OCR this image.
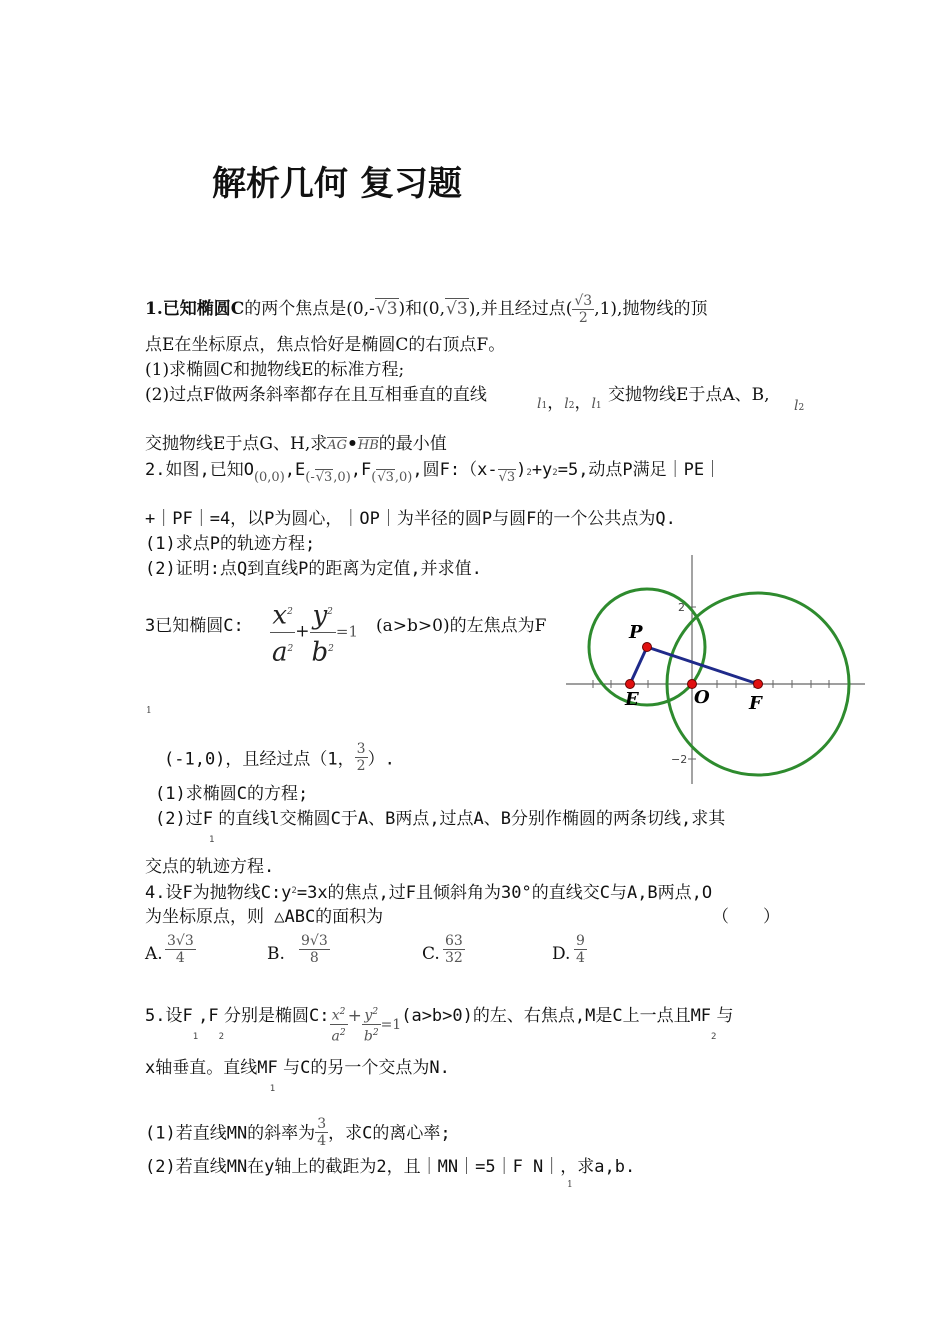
解析几何 复习题
1.已知椭圆C的两个焦点是(0,-√3)和(0,√3),并且经过点( $\frac{√3}{2} ,1$),抛物线的顶
点E在坐标原点，焦点恰好是椭圆C的右顶点F。
(1)求椭圆C和抛物线E的标准方程;
(2)过点F做两条斜率都存在且互相垂直的直线	l1，l2，l1
交抛物线E于点A、B,
l2
交抛物线E于点G、H,求AG•HB的最小值
2.如图,已知$O_{(0,0)},E_{(-√3,0)},F_{(√3,0)}$,圆$F:(x-_{√3})2+y2=5$,动点P满足｜PE｜
+｜PF｜=4，以P为圆心，｜OP｜为半径的圆P与圆F的一个公共点为Q.
(1)求点P的轨迹方程;
(2)证明:点Q到直线P的距离为定值,并求值.
3已知椭圆C: $\frac{x^2}{a^2} + \frac{y^2}{b^2} =1$ (a>b>0)的左焦点为F
1
(-1,0)，且经过点（1， $\frac{3}{2}$ ）.
(1)求椭圆C的方程;
(2)过$F_1$的直线l交椭圆C于A、B两点,过点A、B分别作椭圆的两条切线,求其
交点的轨迹方程.
2
−2
P
E	O F
4.设F为抛物线$C:y^2=3x$的焦点,过F且倾斜角为30°的直线交C与A,B两点,O
为坐标原点，则 △ABC的面积为	（　　）
A. $\frac{3√3}{4}$	B. $\frac{9√3}{8}$	C. $\frac{63}{32}$	D. $\frac{9}{4}$
5.设$F_1,F_2$分别是椭圆C: $\frac{x^2}{a^2} + \frac{y^2}{b^2} _{=1}(a>b>0)$的左、右焦点,M是C上一点且$MF_2$与
x轴垂直。直线$MF_1$与C的另一个交点为N.
(1)若直线MN的斜率为 $\frac{3}{4}$ ，求C的离心率;
(2)若直线MN在y轴上的截距为2，且｜MN｜=5｜F N｜，求a,b.
1
